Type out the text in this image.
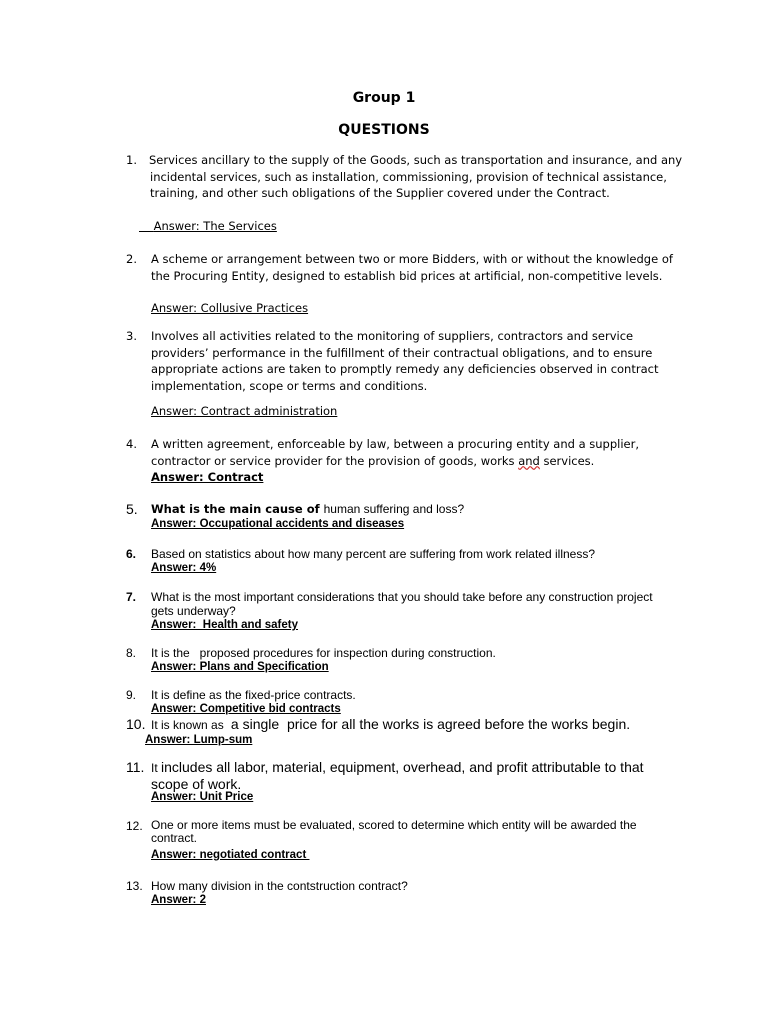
Group 1
QUESTIONS
1.	Services ancillary to the supply of the Goods, such as transportation and insurance, and any incidental services, such as installation, commissioning, provision of technical assistance, training, and other such obligations of the Supplier covered under the Contract.
Answer: The Services
2.	A scheme or arrangement between two or more Bidders, with or without the knowledge of the Procuring Entity, designed to establish bid prices at artificial, non-competitive levels.
Answer: Collusive Practices
3.	Involves all activities related to the monitoring of suppliers, contractors and service providers’ performance in the fulfillment of their contractual obligations, and to ensure appropriate actions are taken to promptly remedy any deficiencies observed in contract implementation, scope or terms and conditions.
Answer: Contract administration
4.	A written agreement, enforceable by law, between a procuring entity and a supplier, contractor or service provider for the provision of goods, works and services.
Answer: Contract
5.	What is the main cause of human suffering and loss?
Answer: Occupational accidents and diseases
6.	Based on statistics about how many percent are suffering from work related illness?
Answer: 4%
7.	What is the most important considerations that you should take before any construction project gets underway?
Answer:  Health and safety
8.	It is the   proposed procedures for inspection during construction.
Answer: Plans and Specification
9.	It is define as the fixed-price contracts.
Answer: Competitive bid contracts
10. It is known as  a single  price for all the works is agreed before the works begin.
Answer: Lump-sum
11. It includes all labor, material, equipment, overhead, and profit attributable to that scope of work.
Answer: Unit Price
12. One or more items must be evaluated, scored to determine which entity will be awarded the contract.
Answer: negotiated contract
13. How many division in the contstruction contract?
Answer: 2
